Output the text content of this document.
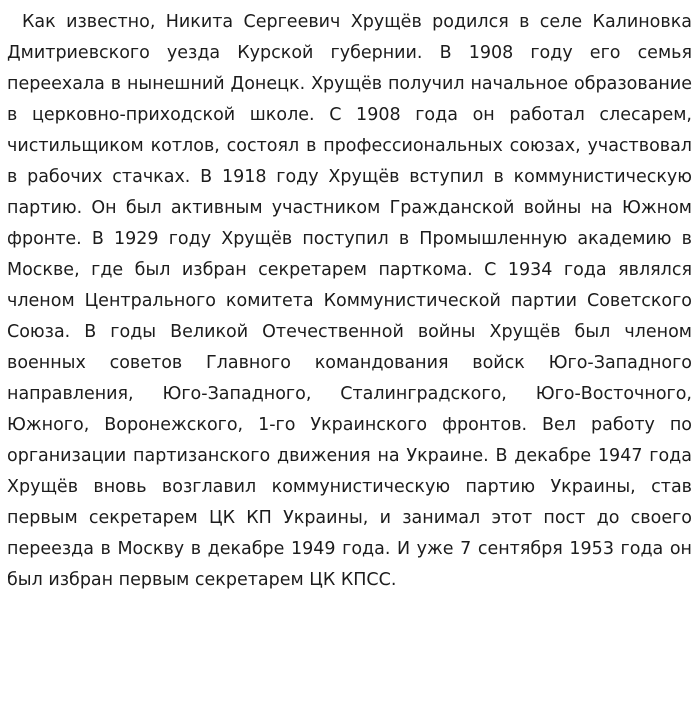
Как известно, Никита Сергеевич Хрущёв родился в селе Калиновка Дмитриевского уезда Курской губернии. В 1908 году его семья переехала в нынешний Донецк. Хрущёв получил начальное образование в церковно-приходской школе. С 1908 года он работал слесарем, чистильщиком котлов, состоял в профессиональных союзах, участвовал в рабочих стачках. В 1918 году Хрущёв вступил в коммунистическую партию. Он был активным участником Гражданской войны на Южном фронте. В 1929 году Хрущёв поступил в Промышленную академию в Москве, где был избран секретарем парткома. С 1934 года являлся членом Центрального комитета Коммунистической партии Советского Союза. В годы Великой Отечественной войны Хрущёв был членом военных советов Главного командования войск Юго-Западного направления, Юго-Западного, Сталинградского, Юго-Восточного, Южного, Воронежского, 1-го Украинского фронтов. Вел работу по организации партизанского движения на Украине. В декабре 1947 года Хрущёв вновь возглавил коммунистическую партию Украины, став первым секретарем ЦК КП Украины, и занимал этот пост до своего переезда в Москву в декабре 1949 года. И уже 7 сентября 1953 года он был избран первым секретарем ЦК КПСС.
